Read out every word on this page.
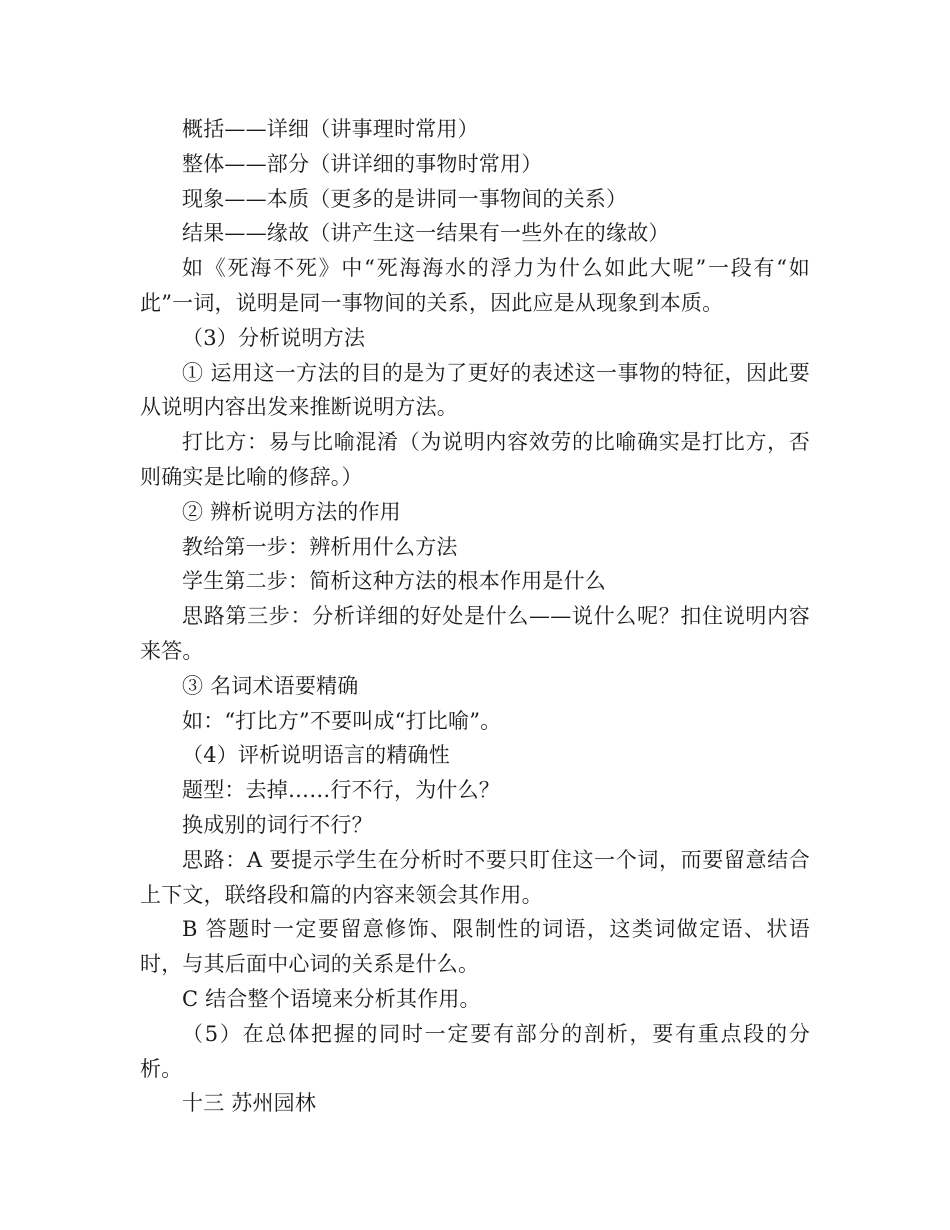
概括——详细（讲事理时常用）

整体——部分（讲详细的事物时常用）

现象——本质（更多的是讲同一事物间的关系）

结果——缘故（讲产生这一结果有一些外在的缘故）

如《死海不死》中“死海海水的浮力为什么如此大呢”一段有“如此”一词，说明是同一事物间的关系，因此应是从现象到本质。

（3）分析说明方法

① 运用这一方法的目的是为了更好的表述这一事物的特征，因此要从说明内容出发来推断说明方法。

打比方：易与比喻混淆（为说明内容效劳的比喻确实是打比方，否则确实是比喻的修辞。）

② 辨析说明方法的作用

教给第一步：辨析用什么方法

学生第二步：简析这种方法的根本作用是什么

思路第三步：分析详细的好处是什么——说什么呢？扣住说明内容来答。

③ 名词术语要精确

如：“打比方”不要叫成“打比喻”。

（4）评析说明语言的精确性

题型：去掉……行不行，为什么？

换成别的词行不行？

思路：A 要提示学生在分析时不要只盯住这一个词，而要留意结合上下文，联络段和篇的内容来领会其作用。

B 答题时一定要留意修饰、限制性的词语，这类词做定语、状语时，与其后面中心词的关系是什么。

C 结合整个语境来分析其作用。

（5）在总体把握的同时一定要有部分的剖析，要有重点段的分析。

十三 苏州园林
